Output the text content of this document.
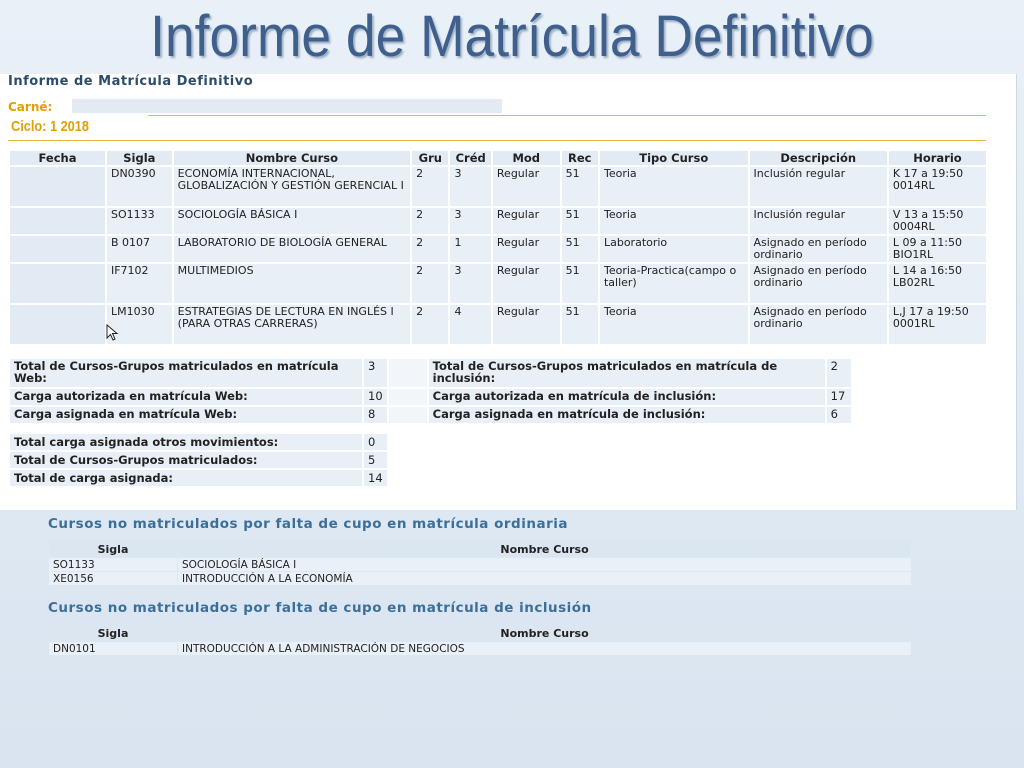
Informe de Matrícula Definitivo
Informe de Matrícula Definitivo
Carné:
Ciclo: 1 2018
Fecha	Sigla	Nombre Curso	Gru	Créd	Mod	Rec	Tipo Curso	Descripción	Horario
	DN0390	ECONOMÍA INTERNACIONAL, GLOBALIZACIÓN Y GESTIÓN GERENCIAL I	2	3	Regular	51	Teoria	Inclusión regular	K 17 a 19:50 0014RL
	SO1133	SOCIOLOGÍA BÁSICA I	2	3	Regular	51	Teoria	Inclusión regular	V 13 a 15:50 0004RL
	B 0107	LABORATORIO DE BIOLOGÍA GENERAL	2	1	Regular	51	Laboratorio	Asignado en período ordinario	L 09 a 11:50 BIO1RL
	IF7102	MULTIMEDIOS	2	3	Regular	51	Teoria-Practica(campo o taller)	Asignado en período ordinario	L 14 a 16:50 LB02RL
	LM1030	ESTRATEGIAS DE LECTURA EN INGLÉS I (PARA OTRAS CARRERAS)	2	4	Regular	51	Teoria	Asignado en período ordinario	L,J 17 a 19:50 0001RL
Total de Cursos-Grupos matriculados en matrícula Web:	3		Total de Cursos-Grupos matriculados en matrícula de inclusión:	2
Carga autorizada en matrícula Web:	10		Carga autorizada en matrícula de inclusión:	17
Carga asignada en matrícula Web:	8		Carga asignada en matrícula de inclusión:	6
Total carga asignada otros movimientos:	0
Total de Cursos-Grupos matriculados:	5
Total de carga asignada:	14
Cursos no matriculados por falta de cupo en matrícula ordinaria
Sigla	Nombre Curso
SO1133	SOCIOLOGÍA BÁSICA I
XE0156	INTRODUCCIÓN A LA ECONOMÍA
Cursos no matriculados por falta de cupo en matrícula de inclusión
Sigla	Nombre Curso
DN0101	INTRODUCCIÓN A LA ADMINISTRACIÓN DE NEGOCIOS
